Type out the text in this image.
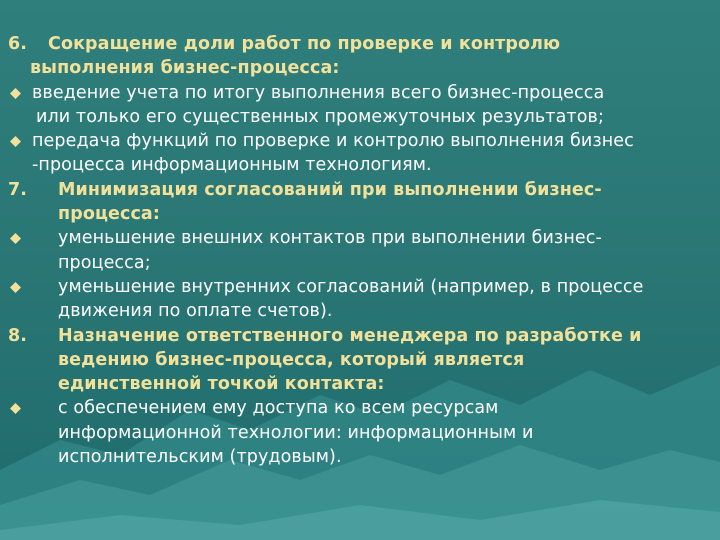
6. Сокращение доли работ по проверке и контролю
выполнения бизнес-процесса:
введение учета по итогу выполнения всего бизнес-процесса
или только его существенных промежуточных результатов;
передача функций по проверке и контролю выполнения бизнес
-процесса информационным технологиям.
7. Минимизация согласований при выполнении бизнес-
процесса:
уменьшение внешних контактов при выполнении бизнес-
процесса;
уменьшение внутренних согласований (например, в процессе
движения по оплате счетов).
8. Назначение ответственного менеджера по разработке и
ведению бизнес-процесса, который является
единственной точкой контакта:
с обеспечением ему доступа ко всем ресурсам
информационной технологии: информационным и
исполнительским (трудовым).
